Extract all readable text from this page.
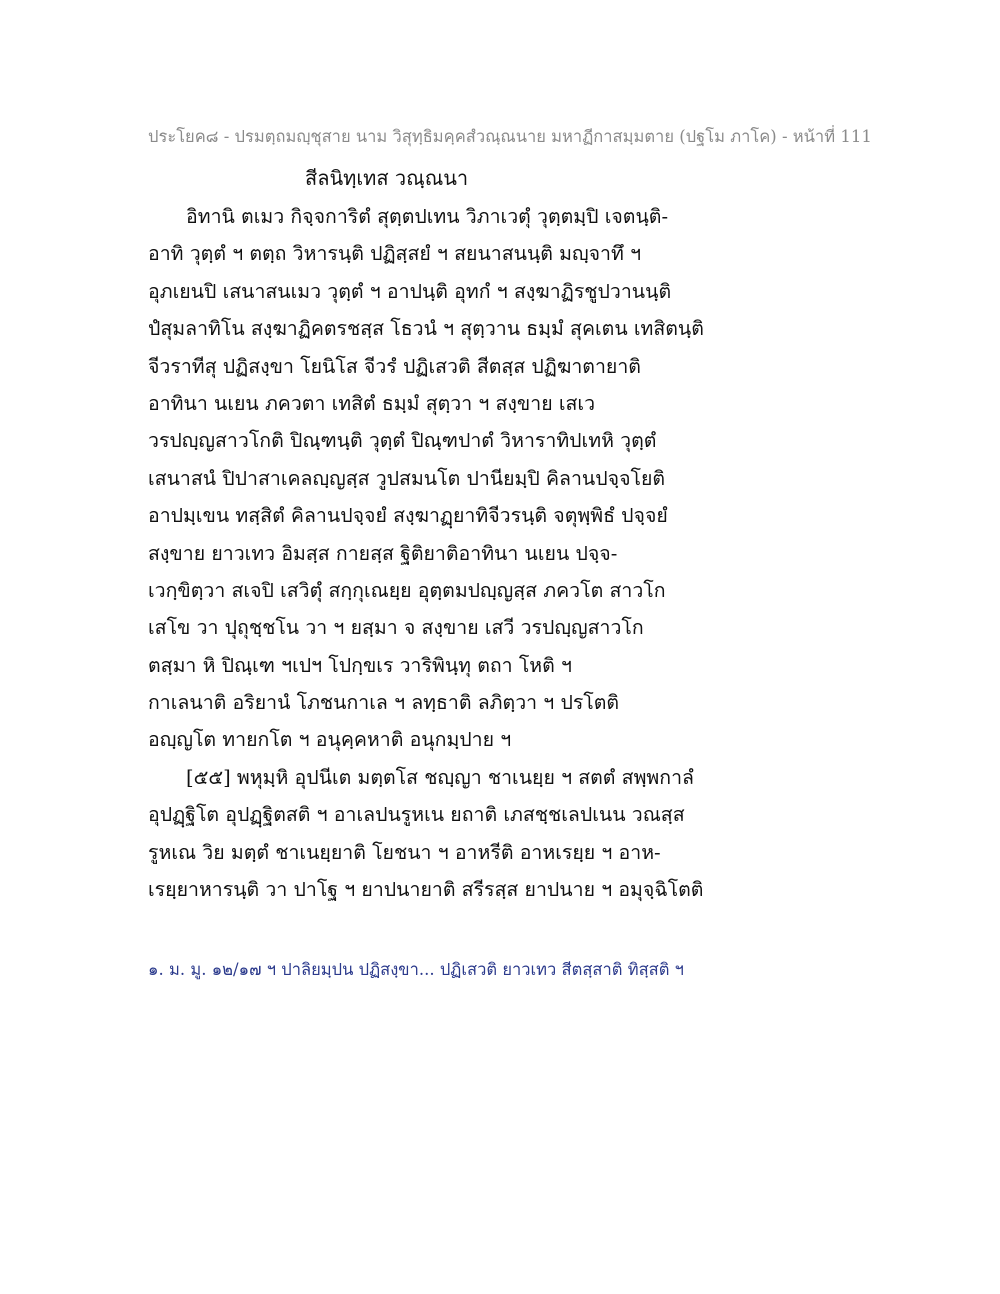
ประโยค๘ - ปรมตฺถมญฺชุสาย นาม วิสุทฺธิมคฺคสํวณฺณนาย มหาฏีกาสมฺมตาย (ปฐโม ภาโค) - หน้าที่ 111
สีลนิทฺเทส วณฺณนา
อิทานิ ตเมว กิจฺจการิตํ สุตฺตปเทน วิภาเวตุํ วุตฺตมฺปิ เจตนฺติ-
อาทิ วุตฺตํ ฯ ตตฺถ วิหารนฺติ ปฏิสฺสยํ ฯ สยนาสนนฺติ มญฺจาทึ ฯ
อุภเยนปิ เสนาสนเมว วุตฺตํ ฯ อาปนฺติ อุทกํ ฯ สงฺฆาฏิรชูปวานนฺติ
ปํสุมลาทิโน สงฺฆาฏิคตรชสฺส โธวนํ ฯ สุตฺวาน ธมฺมํ สุคเตน เทสิตนฺติ
จีวราทีสุ ปฏิสงฺขา โยนิโส จีวรํ ปฏิเสวติ สีตสฺส ปฏิฆาตายาติ
อาทินา นเยน ภควตา เทสิตํ ธมฺมํ สุตฺวา ฯ สงฺขาย เสเว
วรปญฺญสาวโกติ ปิณฺฑนฺติ วุตฺตํ ปิณฺฑปาตํ วิหาราทิปเทหิ วุตฺตํ
เสนาสนํ ปิปาสาเคลญฺญสฺส วูปสมนโต ปานียมฺปิ คิลานปจฺจโยติ
อาปมฺเขน ทสฺสิตํ คิลานปจฺจยํ สงฺฆาฏฺยาทิจีวรนฺติ จตุพฺพิธํ ปจฺจยํ
สงฺขาย ยาวเทว อิมสฺส กายสฺส ฐิติยาติอาทินา นเยน ปจฺจ-
เวกฺขิตฺวา สเจปิ เสวิตุํ สกฺกุเณยฺย อุตฺตมปญฺญสฺส ภควโต สาวโก
เสโข วา ปุถุชฺชโน วา ฯ ยสฺมา จ สงฺขาย เสวี วรปญฺญสาวโก
ตสฺมา หิ ปิณฺเฑ ฯเปฯ โปกฺขเร วาริพินฺทุ ตถา โหติ ฯ
กาเลนาติ อริยานํ โภชนกาเล ฯ ลทฺธาติ ลภิตฺวา ฯ ปรโตติ
อญฺญโต ทายกโต ฯ อนุคฺคหาติ อนุกมฺปาย ฯ
[๕๕] พหุมฺหิ อุปนีเต มตฺตโส ชญฺญา ชาเนยฺย ฯ สตตํ สพฺพกาลํ
อุปฏฺฐิโต อุปฏฺฐิตสติ ฯ อาเลปนรูหเน ยถาติ เภสชฺชเลปเนน วณสฺส
รูหเณ วิย มตฺตํ ชาเนยฺยาติ โยชนา ฯ อาหรีติ อาหเรยฺย ฯ อาห-
เรยฺยาหารนฺติ วา ปาโฐ ฯ ยาปนายาติ สรีรสฺส ยาปนาย ฯ อมุจฺฉิโตติ
๑. ม. มู. ๑๒/๑๗ ฯ ปาลิยมฺปน ปฏิสงฺขา... ปฏิเสวติ ยาวเทว สีตสฺสาติ ทิสฺสติ ฯ
